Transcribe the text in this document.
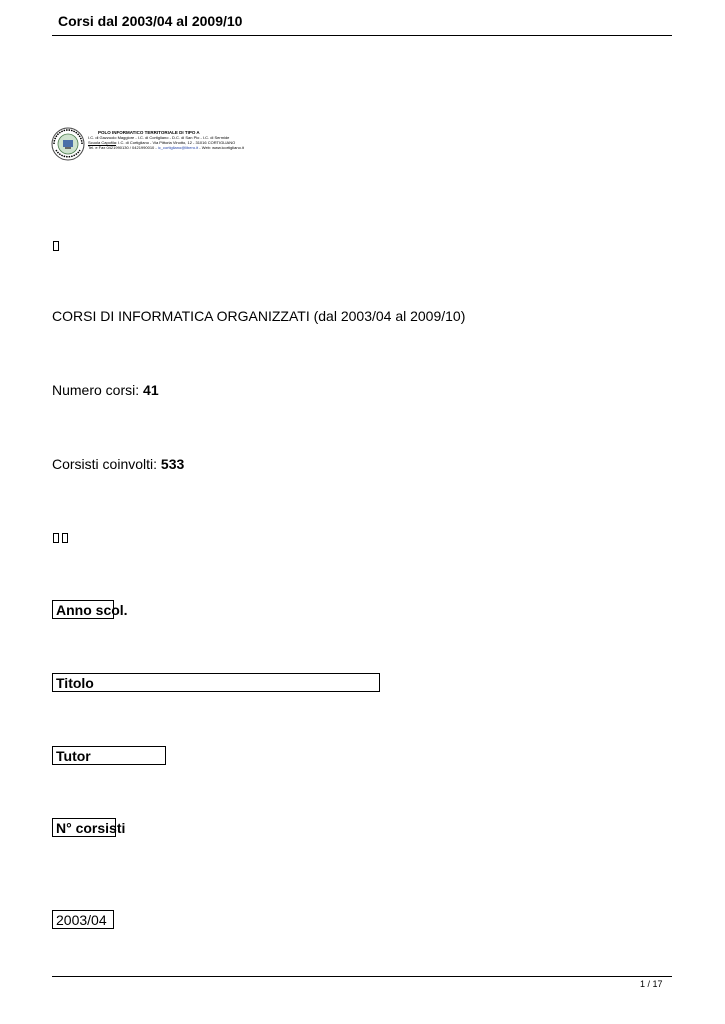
Corsi dal 2003/04 al 2009/10
POLO INFORMATICO TERRITORIALE DI TIPO A
I.C. di Gazzuolo Maggiore - I.C. di Cortigliano - D.C. di San Pio - I.C. di Sermide
Scuola Capofila: I.C. di Cortigliano - Via Pittoria Vinotto, 12 - 31016 CORTIGLIANO
Tel. e Fax 0421990130 / 0421990010 - ic_cortigliano@libero.it - Web: www.icortigliano.it
CORSI DI INFORMATICA ORGANIZZATI (dal 2003/04 al 2009/10)
Numero corsi: 41
Corsisti coinvolti: 533
Anno scol.
Titolo
Tutor
N° corsisti
2003/04
1 / 17
